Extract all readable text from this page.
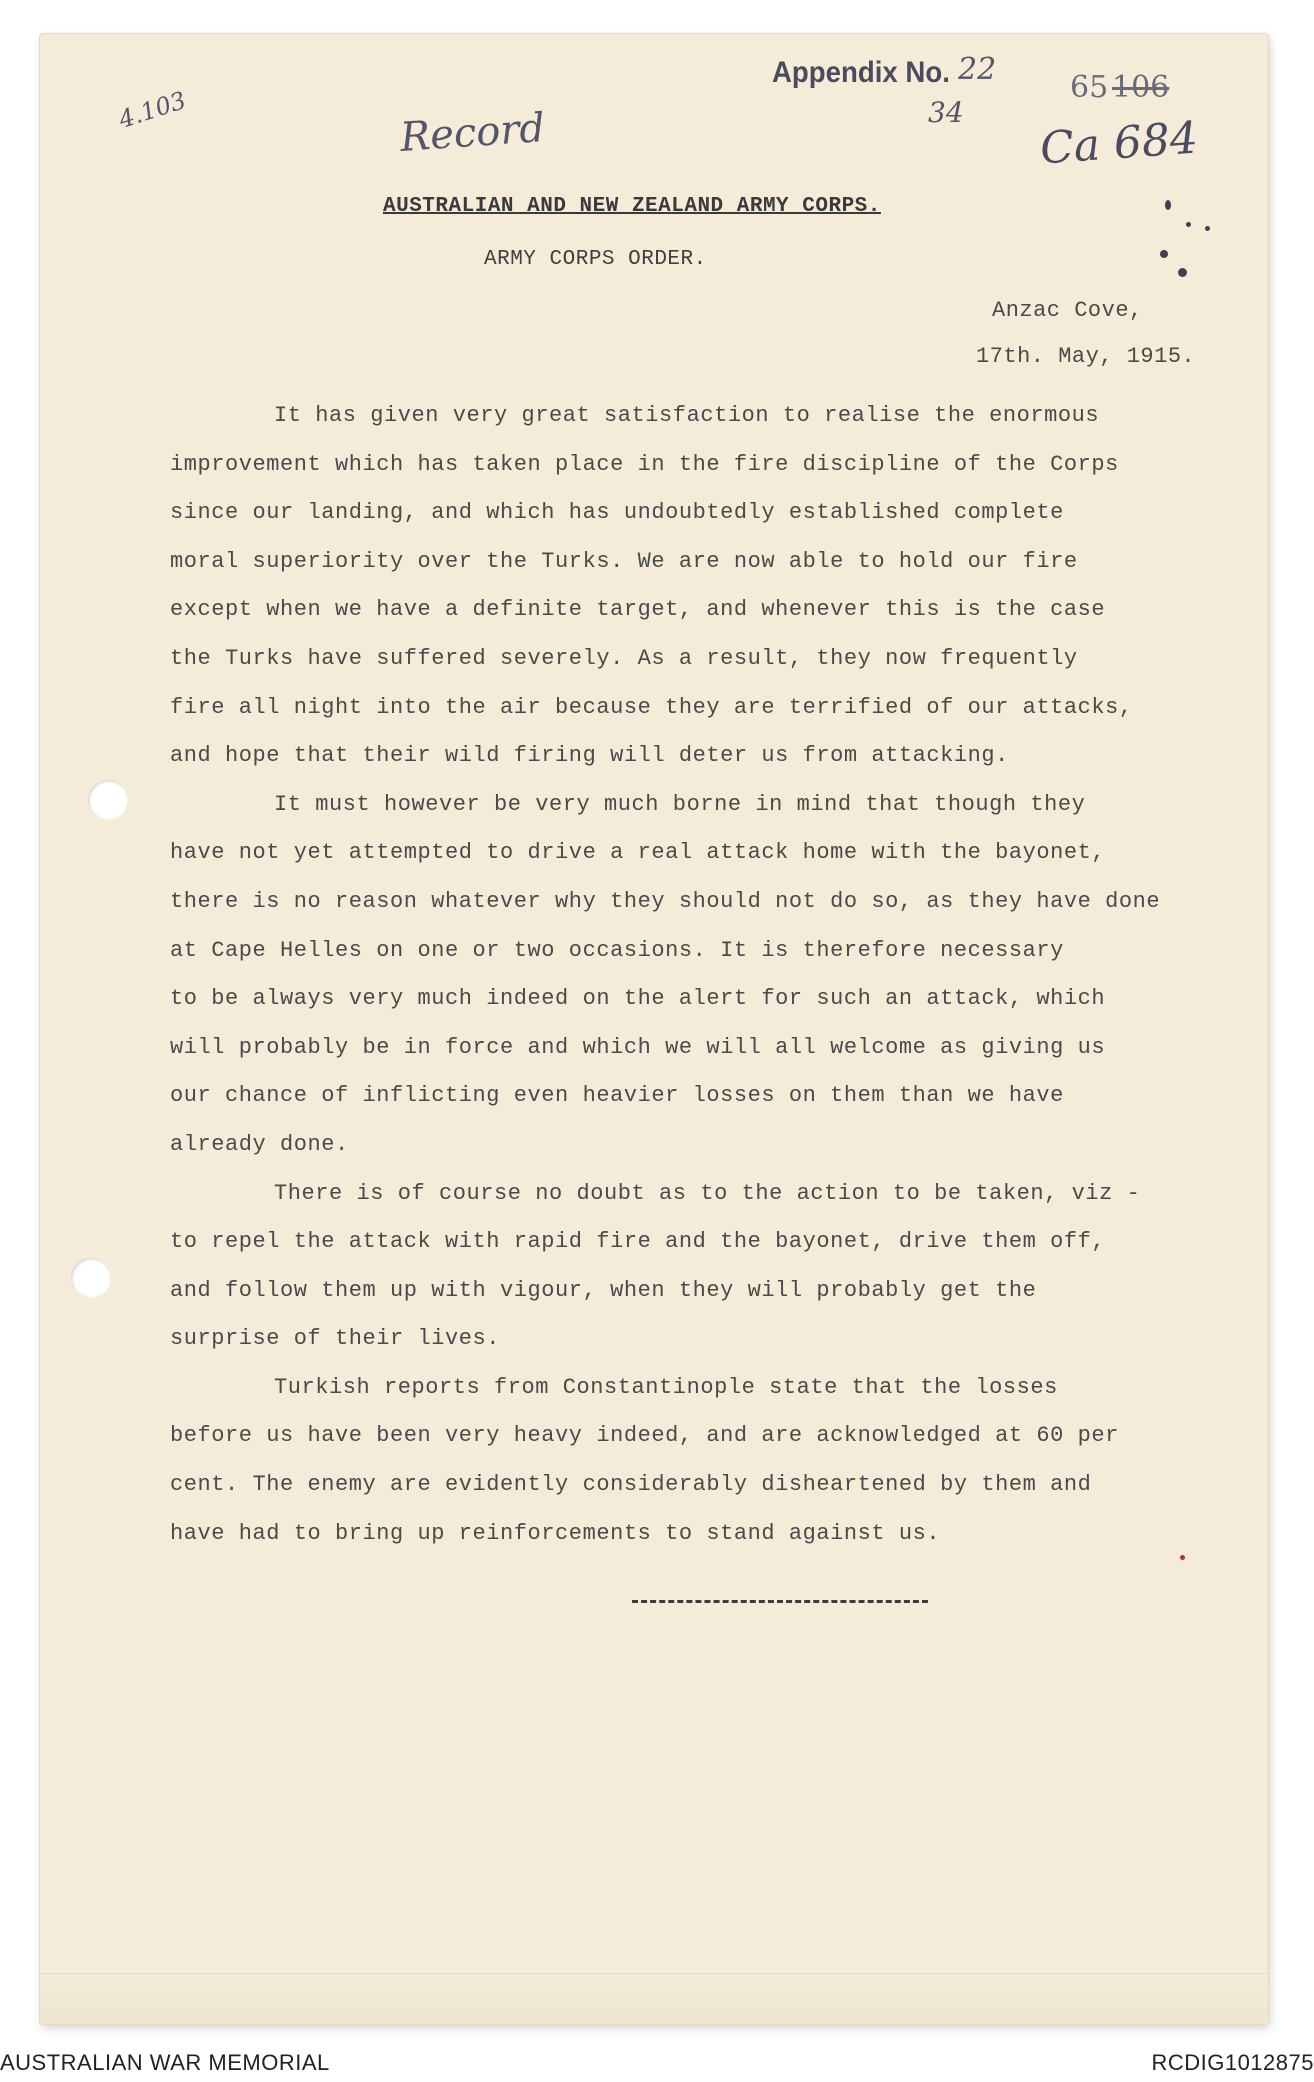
Appendix No. 22
34
65 106
Record
4.103
Ca 684
AUSTRALIAN AND NEW ZEALAND ARMY CORPS.
ARMY CORPS ORDER.
Anzac Cove,
17th. May, 1915.
It has given very great satisfaction to realise the enormous
improvement which has taken place in the fire discipline of the Corps
since our landing, and which has undoubtedly established complete
moral superiority over the Turks. We are now able to hold our fire
except when we have a definite target, and whenever this is the case
the Turks have suffered severely. As a result, they now frequently
fire all night into the air because they are terrified of our attacks,
and hope that their wild firing will deter us from attacking.
It must however be very much borne in mind that though they
have not yet attempted to drive a real attack home with the bayonet,
there is no reason whatever why they should not do so, as they have done
at Cape Helles on one or two occasions. It is therefore necessary
to be always very much indeed on the alert for such an attack, which
will probably be in force and which we will all welcome as giving us
our chance of inflicting even heavier losses on them than we have
already done.
There is of course no doubt as to the action to be taken, viz -
to repel the attack with rapid fire and the bayonet, drive them off,
and follow them up with vigour, when they will probably get the
surprise of their lives.
Turkish reports from Constantinople state that the losses
before us have been very heavy indeed, and are acknowledged at 60 per
cent. The enemy are evidently considerably disheartened by them and
have had to bring up reinforcements to stand against us.
AUSTRALIAN WAR MEMORIAL	RCDIG1012875
